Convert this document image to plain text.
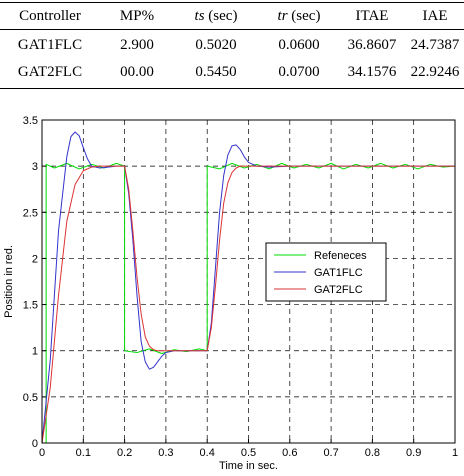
Controller	MP%	ts (sec)	tr (sec)	ITAE	IAE
GAT1FLC	2.900	0.5020	0.0600	36.8607 24.7387
GAT2FLC	00.00	0.5450	0.0700	34.1576 22.9246
0	0.1 0.2 0.3 0.4 0.5 0.6 0.7 0.8 0.9	1
0
0.5
1
1.5
2
2.5
3
3.5
Time in sec.
Position in red.	Refeneces
GAT1FLC
GAT2FLC
